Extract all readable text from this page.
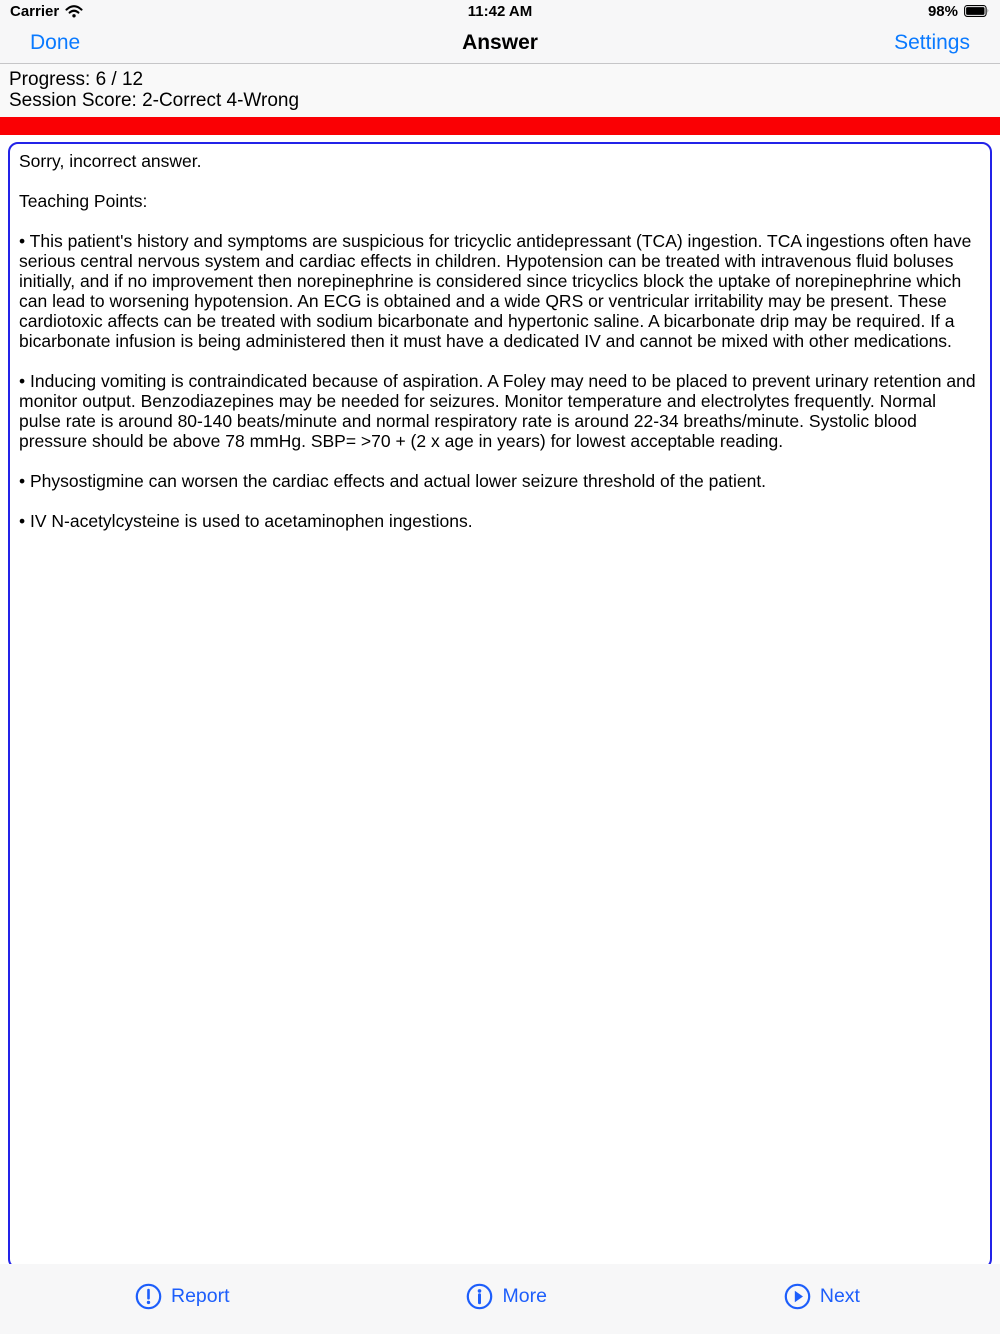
Carrier	11:42 AM	98%
Done	Answer	Settings
Progress: 6 / 12
Session Score: 2-Correct 4-Wrong

Sorry, incorrect answer.

Teaching Points:

• This patient's history and symptoms are suspicious for tricyclic antidepressant (TCA) ingestion. TCA ingestions often have serious central nervous system and cardiac effects in children. Hypotension can be treated with intravenous fluid boluses initially, and if no improvement then norepinephrine is considered since tricyclics block the uptake of norepinephrine which can lead to worsening hypotension. An ECG is obtained and a wide QRS or ventricular irritability may be present. These cardiotoxic affects can be treated with sodium bicarbonate and hypertonic saline. A bicarbonate drip may be required. If a bicarbonate infusion is being administered then it must have a dedicated IV and cannot be mixed with other medications.

• Inducing vomiting is contraindicated because of aspiration. A Foley may need to be placed to prevent urinary retention and monitor output. Benzodiazepines may be needed for seizures. Monitor temperature and electrolytes frequently. Normal pulse rate is around 80-140 beats/minute and normal respiratory rate is around 22-34 breaths/minute. Systolic blood pressure should be above 78 mmHg. SBP= >70 + (2 x age in years) for lowest acceptable reading.

• Physostigmine can worsen the cardiac effects and actual lower seizure threshold of the patient.

• IV N-acetylcysteine is used to acetaminophen ingestions.

Report	More	Next
